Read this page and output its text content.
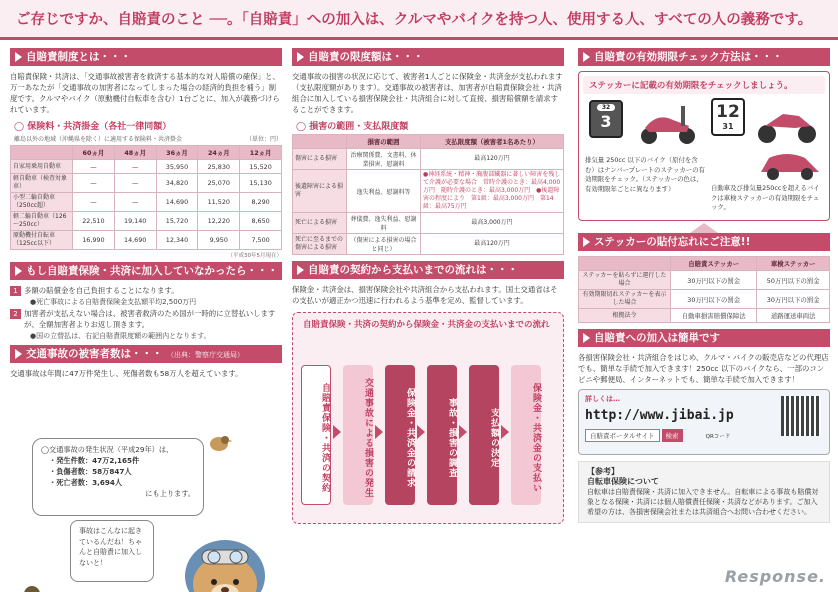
ご存じですか、自賠責のこと ──。「自賠責」への加入は、クルマやバイクを持つ人、使用する人、すべての人の義務です。
自賠責制度とは・・・

自賠責保険・共済は、「交通事故被害者を救済する基本的な対人賠償の確保」と、万一あなたが「交通事故の加害者になってしまった場合の経済的負担を補う」制度です。クルマやバイク（原動機付自転車を含む）1台ごとに、加入が義務づけられています。

◯ 保険料・共済掛金（各社一律同額）
離島以外の地域（沖縄県を除く）に適用する保険料・共済掛金	（単位：円）
	60ヵ月	48ヵ月	36ヵ月	24ヵ月	12ヵ月
自家用乗用自動車	—	—	35,950	25,830	15,520
軽自動車（検査対象車）	—	—	34,820	25,070	15,130
小型二輪自動車（250cc超）	—	—	14,690	11,520	8,290
軽二輪自動車（126～250cc）	22,510	19,140	15,720	12,220	8,650
原動機付自転車（125cc以下）	16,990	14,690	12,340	9,950	7,500
（平成30年5月現在）
もし自賠責保険・共済に加入していなかったら・・・
1 多額の賠償金を自己負担することになります。
●死亡事故による自賠責保険金支払額平均2,500万円
2 加害者が支払えない場合は、被害者救済のため国が一時的に立替払いしますが、全額加害者よりお返し頂きます。
●国の立替払は、右記自賠責限度額の範囲内となります。
交通事故の被害者数は・・・ （出典：警察庁交通局）

交通事故は年間に47万件発生し、死傷者数も58万人を超えています。

◯交通事故の発生状況（平成29年）は、
・発生件数：47万2,165件
・負傷者数：58万847人
・死亡者数：3,694人
にも上ります。
事故はこんなに起きているんだね！ちゃんと自賠責に加入しないと！
自賠責の限度額は・・・

交通事故の損害の状況に応じて、被害者1人ごとに保険金・共済金が支払われます（支払限度額があります）。交通事故の被害者は、加害者が自賠責保険会社・共済組合に加入している損害保険会社・共済組合に対して直接、損害賠償額を請求することができます。

◯ 損害の範囲・支払限度額
	損害の範囲	支払限度額（被害者1名あたり）
傷害による損害	治療関係費、文書料、休業損害、慰謝料	最高120万円
後遺障害による損害	逸失利益、慰謝料等	●神経系統・精神・胸腹部臓器に著しい障害を残して介護が必要な場合　常時介護のとき：最高4,000万円　随時介護のとき：最高3,000万円　●後遺障害の程度により　第1級：最高3,000万円　第14級：最高75万円
死亡による損害	葬儀費、逸失利益、慰謝料	最高3,000万円
死亡に至るまでの傷害による損害	（傷害による損害の場合と同じ）	最高120万円
自賠責の契約から支払いまでの流れは・・・

保険金・共済金は、損害保険会社や共済組合から支払われます。国土交通省はその支払いが適正かつ迅速に行われるよう基準を定め、監督しています。

自賠責保険・共済の契約から保険金・共済金の支払いまでの流れ
自賠責保険・共済の契約	交通事故による損害の発生	保険金・共済金の請求	事故・損害の調査	支払額の決定	保険金・共済金の支払い
自賠責の有効期限チェック方法は・・・
ステッカーに記載の有効期限をチェックしましょう。
32
3	12
31
排気量 250cc 以下のバイク（原付を含む）はナンバープレートのステッカーの有効期限をチェック。（ステッカーの色は、有効期限年ごとに異なります）	自動車及び排気量250ccを超えるバイクは車検ステッカーの有効期限をチェック。
ステッカーの貼付忘れにご注意!!
	自賠責ステッカー	車検ステッカー
ステッカーを貼らずに運行した場合	30万円以下の罰金	50万円以下の罰金
有効期限切れステッカーを表示した場合	30万円以下の罰金	30万円以下の罰金
根拠法令	自動車損害賠償保障法	道路運送車両法
自賠責への加入は簡単です

各損害保険会社・共済組合をはじめ、クルマ・バイクの販売店などの代理店でも、簡単な手続で加入できます！250cc 以下のバイクなら、一部のコンビニや郵便局、インターネットでも、簡単な手続で加入できます！

詳しくは…
http://www.jibai.jp
自賠責ポータルサイト 検索	QRコード
【参考】
自転車保険について
自転車は自賠責保険・共済に加入できません。自転車による事故も賠償対象となる保険・共済には個人賠償責任保険・共済などがあります。ご加入希望の方は、各損害保険会社または共済組合へお問い合わせください。
Response.
